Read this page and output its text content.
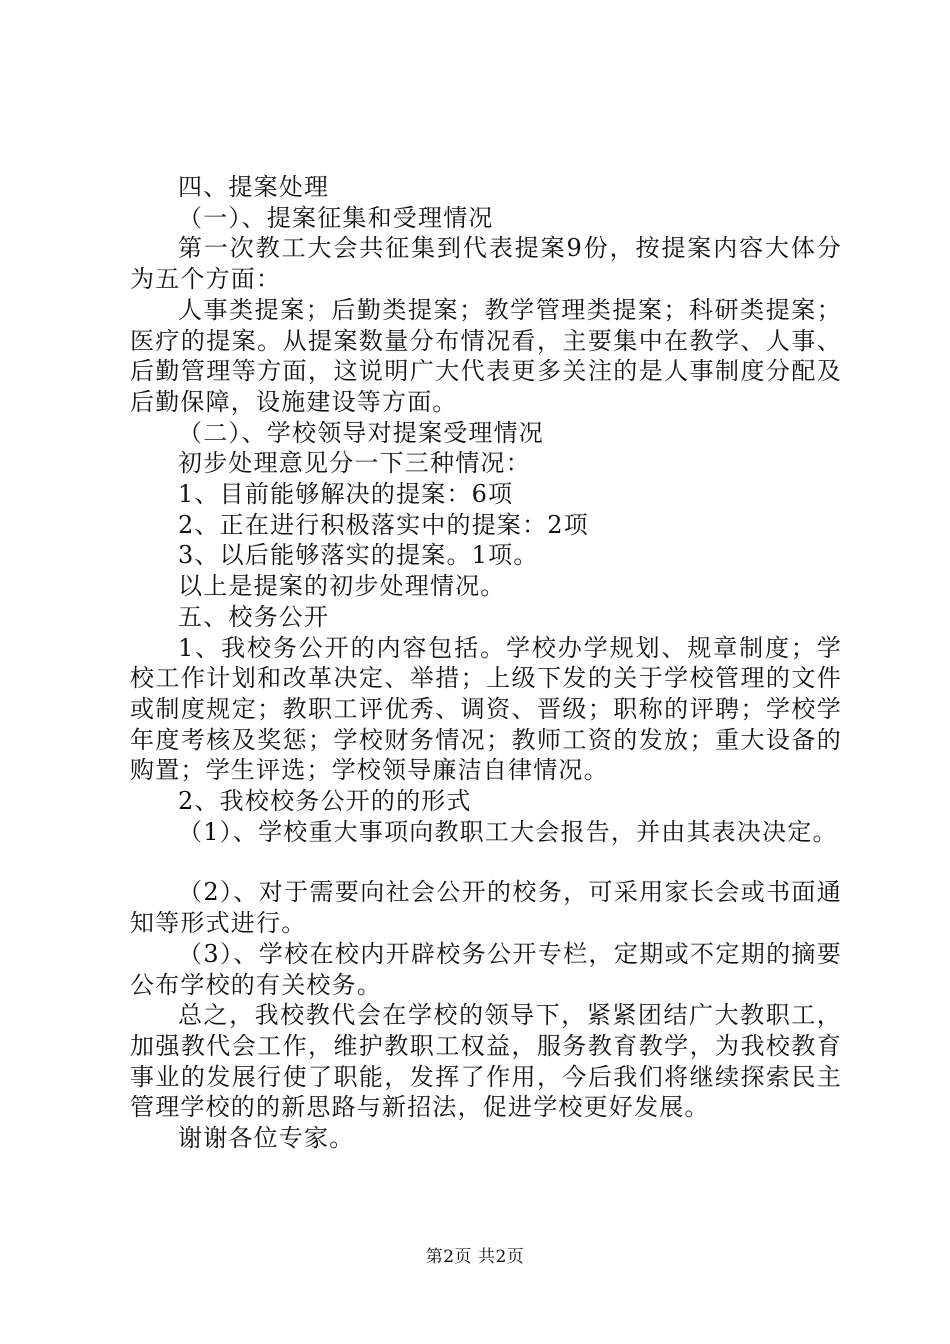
四、提案处理

（一）、提案征集和受理情况

第一次教工大会共征集到代表提案9份，按提案内容大体分为五个方面：

人事类提案；后勤类提案；教学管理类提案；科研类提案；医疗的提案。从提案数量分布情况看，主要集中在教学、人事、后勤管理等方面，这说明广大代表更多关注的是人事制度分配及后勤保障，设施建设等方面。

（二）、学校领导对提案受理情况

初步处理意见分一下三种情况：

1、目前能够解决的提案：6项

2、正在进行积极落实中的提案：2项

3、以后能够落实的提案。1项。

以上是提案的初步处理情况。

五、校务公开

1、我校务公开的内容包括。学校办学规划、规章制度；学校工作计划和改革决定、举措；上级下发的关于学校管理的文件或制度规定；教职工评优秀、调资、晋级；职称的评聘；学校学年度考核及奖惩；学校财务情况；教师工资的发放；重大设备的购置；学生评选；学校领导廉洁自律情况。

2、我校校务公开的的形式

（1）、学校重大事项向教职工大会报告，并由其表决决定。

（2）、对于需要向社会公开的校务，可采用家长会或书面通知等形式进行。

（3）、学校在校内开辟校务公开专栏，定期或不定期的摘要公布学校的有关校务。

总之，我校教代会在学校的领导下，紧紧团结广大教职工，加强教代会工作，维护教职工权益，服务教育教学，为我校教育事业的发展行使了职能，发挥了作用，今后我们将继续探索民主管理学校的的新思路与新招法，促进学校更好发展。

谢谢各位专家。

第2页 共2页
